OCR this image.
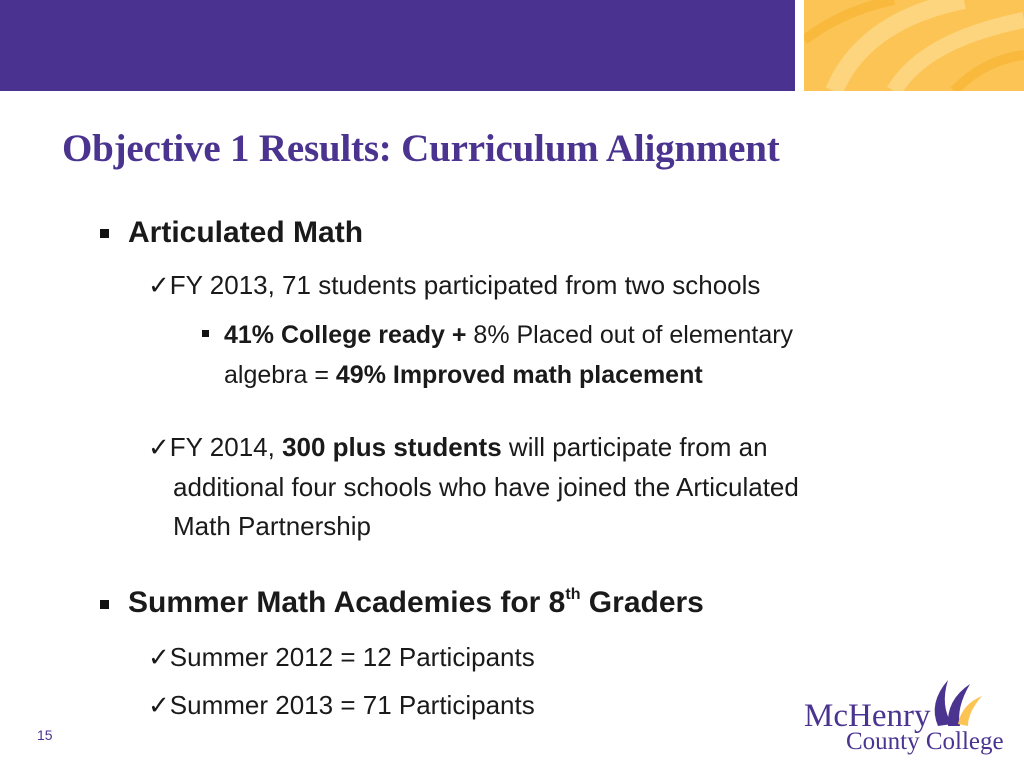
Objective 1 Results: Curriculum Alignment
Articulated Math
✓FY 2013, 71 students participated from two schools
41% College ready + 8% Placed out of elementary
algebra = 49% Improved math placement
✓FY 2014, 300 plus students will participate from an
additional four schools who have joined the Articulated
Math Partnership
Summer Math Academies for 8th Graders
✓Summer 2012 = 12 Participants
✓Summer 2013 = 71 Participants
15
McHenry
County College
